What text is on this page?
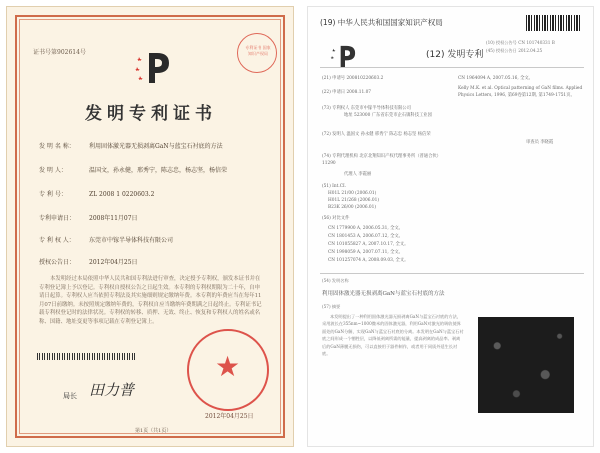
证书号第902614号
专利证书 国家知识产权局
发明专利证书
发 明 名 称： 利用固体激光器无损剥离GaN与蓝宝石衬底的方法
发 明 人：	温国文，孙永健，邢秀宁，陈志忠，杨志坚，杨信荣
专 利 号：	ZL 2008 1 0220603.2
专利申请日： 2008年11月07日
专 利 权 人： 东莞市中镓半导体科技有限公司
授权公告日： 2012年04月25日
本发明经过本局依照中华人民共和国专利法进行审查，决定授予专利权，颁发本证书并在专利登记簿上予以登记。专利权自授权公告之日起生效。本专利的专利权期限为二十年，自申请日起算。专利权人应当依照专利法及其实施细则规定缴纳年费。本专利的年费应当在每年11月07日前缴纳。未按照规定缴纳年费的，专利权自应当缴纳年费期满之日起终止。专利证书记载专利权登记时的法律状况。专利权的转移、质押、无效、终止、恢复和专利权人的姓名或名称、国籍、地址变更等事项记载在专利登记簿上。
★
局长 田力普
2012年04月25日
第1页（共1页）
(19) 中华人民共和国国家知识产权局
(12) 发明专利
(10) 授权公告号 CN 101740331 B
(45) 授权公告日 2012.04.25
(21) 申请号 200810220603.2
(22) 申请日 2008.11.07
(73) 专利权人 东莞市中镓半导体科技有限公司
地址 523000 广东省东莞市企石镇科技工业园
(72) 发明人 温国文 孙永健 邢秀宁 陈志忠 杨志坚 杨信荣
(74) 专利代理机构 北京北翔知识产权代理事务所（普通合伙） 11290
代理人 李霞丽
(51) Int.CI.
H01L 21/00 (2006.01)
H01L 21/268 (2006.01)
B23K 26/00 (2006.01)
(56) 对比文件
CN 1779900 A, 2006.05.31, 全文。
CN 1801453 A, 2006.07.12, 全文。
CN 101055827 A, 2007.10.17, 全文。
CN 1998059 A, 2007.07.11, 全文。
CN 101257074 A, 2008.09.03, 全文。
CN 1964094 A, 2007.05.16, 全文。
Kelly M.K. et al. Optical patterning of GaN films. Applied Physics Letters, 1996, 第69卷第12期, 第1749-1751页。
审查员 李晓霞
(54) 发明名称
利用固体激光器无损剥离GaN与蓝宝石衬底的方法
(57) 摘要
本发明提出了一种利用固体激光器无损剥离GaN与蓝宝石衬底的方法，采用波长在355nm~1000微米的固体激光器，利用GaN对激光的吸收使界面处的GaN分解，实现GaN与蓝宝石衬底的分离。本发明在GaN与蓝宝石衬底之间形成一个牺牲层，以降低剥离所需的能量，提高剥离的成品率。剥离后的GaN薄膜无损伤，可以直接用于器件制作，或者用于同质外延生长衬底。
